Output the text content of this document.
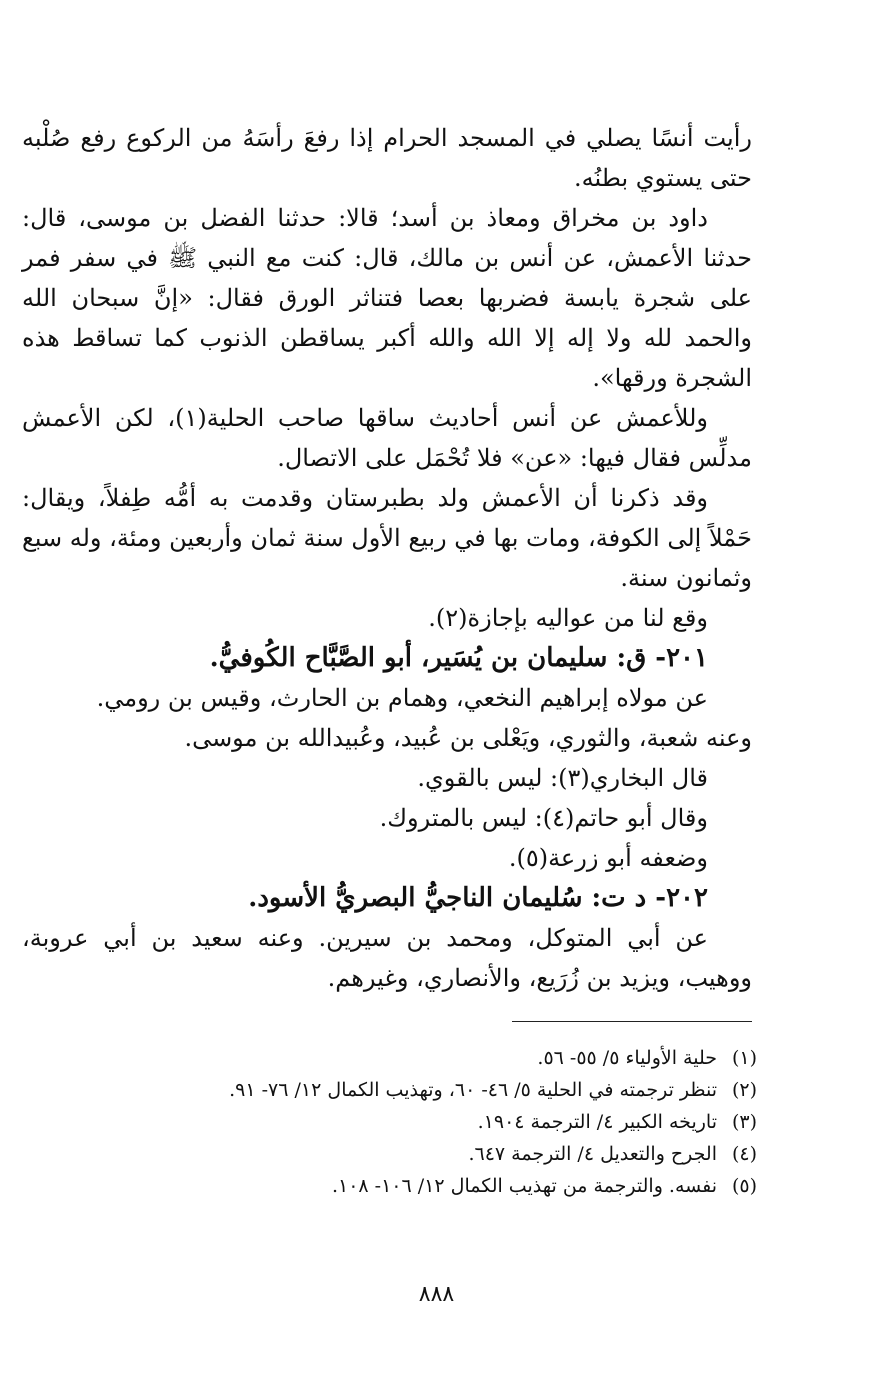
رأيت أنسًا يصلي في المسجد الحرام إذا رفعَ رأسَهُ من الركوع رفع صُلْبه حتى يستوي بطنُه.

داود بن مخراق ومعاذ بن أسد؛ قالا: حدثنا الفضل بن موسى، قال: حدثنا الأعمش، عن أنس بن مالك، قال: كنت مع النبي ﷺ في سفر فمر على شجرة يابسة فضربها بعصا فتناثر الورق فقال: «إنَّ سبحان الله والحمد لله ولا إله إلا الله والله أكبر يساقطن الذنوب كما تساقط هذه الشجرة ورقها».

وللأعمش عن أنس أحاديث ساقها صاحب الحلية(١)، لكن الأعمش مدلِّس فقال فيها: «عن» فلا تُحْمَل على الاتصال.

وقد ذكرنا أن الأعمش ولد بطبرستان وقدمت به أمُّه طِفلاً، ويقال: حَمْلاً إلى الكوفة، ومات بها في ربيع الأول سنة ثمان وأربعين ومئة، وله سبع وثمانون سنة.

وقع لنا من عواليه بإجازة(٢).

٢٠١- ق: سليمان بن يُسَير، أبو الصَّبَّاح الكُوفيُّ.

عن مولاه إبراهيم النخعي، وهمام بن الحارث، وقيس بن رومي.

وعنه شعبة، والثوري، ويَعْلى بن عُبيد، وعُبيدالله بن موسى.

قال البخاري(٣): ليس بالقوي.

وقال أبو حاتم(٤): ليس بالمتروك.

وضعفه أبو زرعة(٥).

٢٠٢- د ت: سُليمان الناجيُّ البصريُّ الأسود.

عن أبي المتوكل، ومحمد بن سيرين. وعنه سعيد بن أبي عروبة، ووهيب، ويزيد بن زُرَيع، والأنصاري، وغيرهم.

(١)
حلية الأولياء ٥/ ٥٥- ٥٦.
(٢)
تنظر ترجمته في الحلية ٥/ ٤٦- ٦٠، وتهذيب الكمال ١٢/ ٧٦- ٩١.
(٣)
تاريخه الكبير ٤/ الترجمة ١٩٠٤.
(٤)
الجرح والتعديل ٤/ الترجمة ٦٤٧.
(٥)
نفسه. والترجمة من تهذيب الكمال ١٢/ ١٠٦- ١٠٨.
٨٨٨
